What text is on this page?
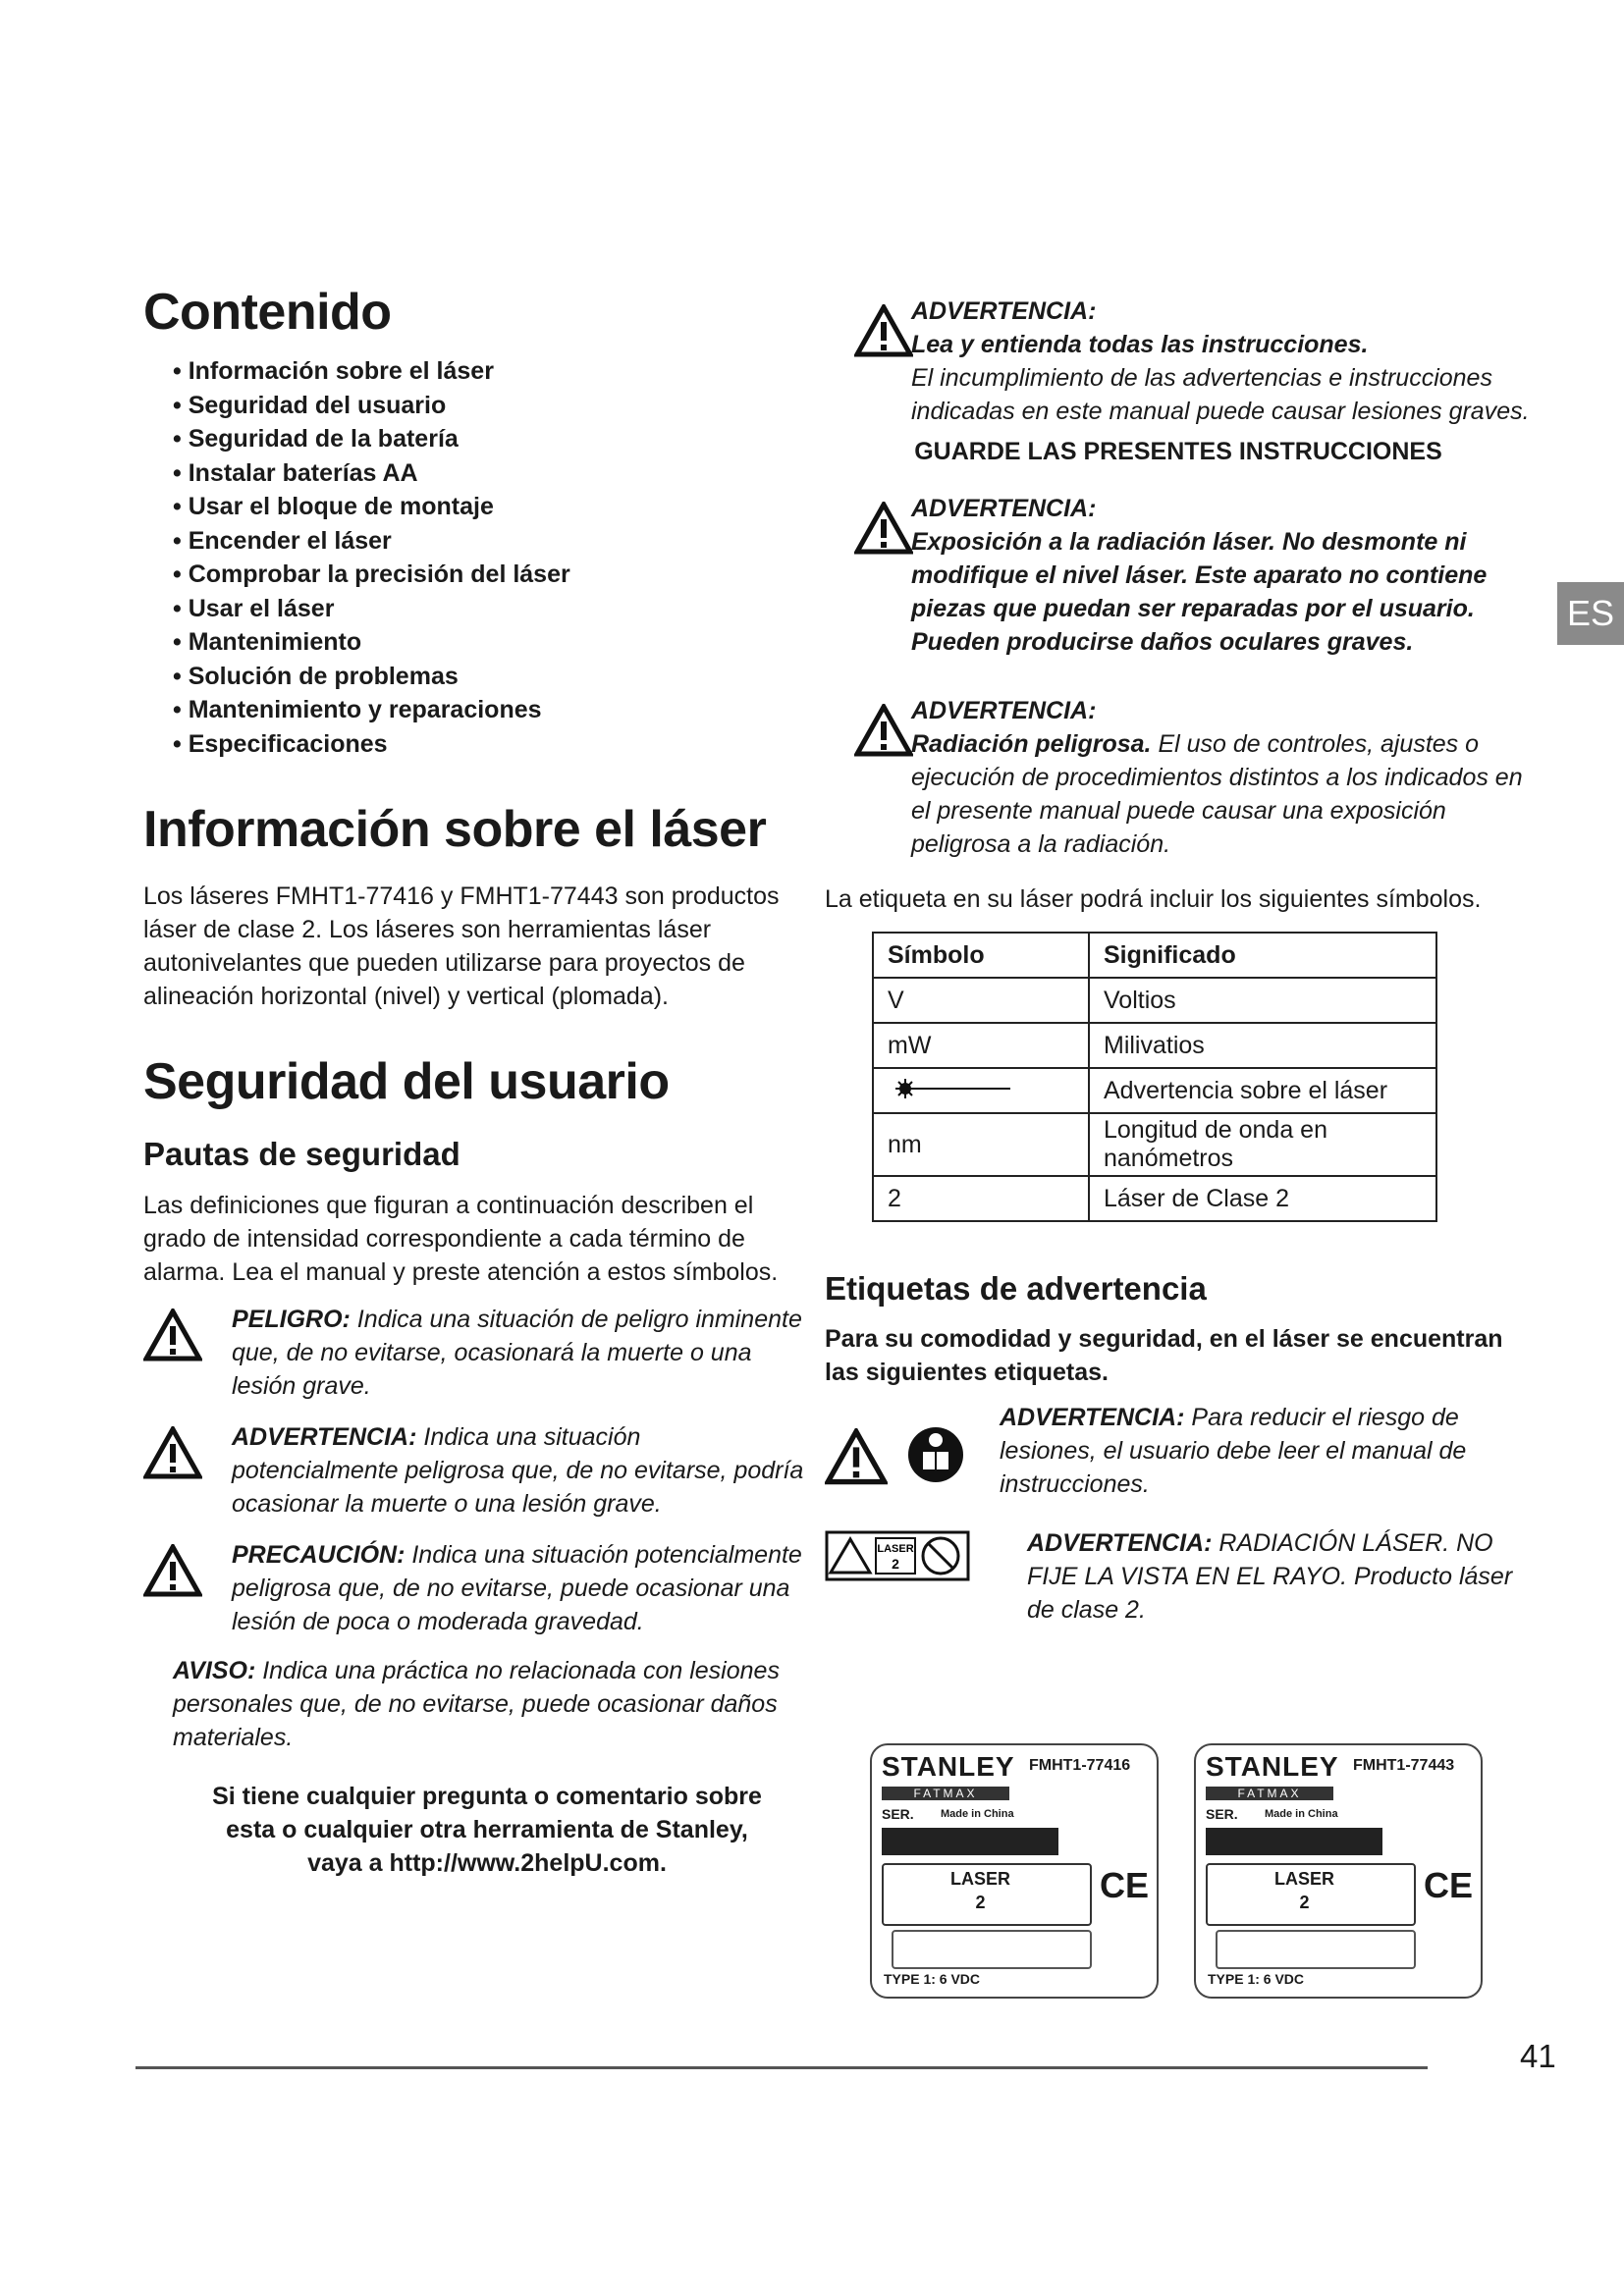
Contenido
• Información sobre el láser
• Seguridad del usuario
• Seguridad de la batería
• Instalar baterías AA
• Usar el bloque de montaje
• Encender el láser
• Comprobar la precisión del láser
• Usar el láser
• Mantenimiento
• Solución de problemas
• Mantenimiento y reparaciones
• Especificaciones
Información sobre el láser

Los láseres FMHT1-77416 y FMHT1-77443 son productos láser de clase 2. Los láseres son herramientas láser autonivelantes que pueden utilizarse para proyectos de alineación horizontal (nivel) y vertical (plomada).

Seguridad del usuario
Pautas de seguridad

Las definiciones que figuran a continuación describen el grado de intensidad correspondiente a cada término de alarma. Lea el manual y preste atención a estos símbolos.

PELIGRO: Indica una situación de peligro inminente que, de no evitarse, ocasionará la muerte o una lesión grave.

ADVERTENCIA: Indica una situación potencialmente peligrosa que, de no evitarse, podría ocasionar la muerte o una lesión grave.

PRECAUCIÓN: Indica una situación potencialmente peligrosa que, de no evitarse, puede ocasionar una lesión de poca o moderada gravedad.

AVISO: Indica una práctica no relacionada con lesiones personales que, de no evitarse, puede ocasionar daños materiales.

Si tiene cualquier pregunta o comentario sobre esta o cualquier otra herramienta de Stanley, vaya a http://www.2helpU.com.

ADVERTENCIA:
Lea y entienda todas las instrucciones.
El incumplimiento de las advertencias e instrucciones indicadas en este manual puede causar lesiones graves.
GUARDE LAS PRESENTES INSTRUCCIONES
ADVERTENCIA:
Exposición a la radiación láser. No desmonte ni modifique el nivel láser. Este aparato no contiene piezas que puedan ser reparadas por el usuario. Pueden producirse daños oculares graves.
ADVERTENCIA:
Radiación peligrosa. El uso de controles, ajustes o ejecución de procedimientos distintos a los indicados en el presente manual puede causar una exposición peligrosa a la radiación.

La etiqueta en su láser podrá incluir los siguientes símbolos.

Símbolo	Significado
V	Voltios
mW	Milivatios
	Advertencia sobre el láser
nm	Longitud de onda en nanómetros
2	Láser de Clase 2
Etiquetas de advertencia

Para su comodidad y seguridad, en el láser se encuentran las siguientes etiquetas.

ADVERTENCIA: Para reducir el riesgo de lesiones, el usuario debe leer el manual de instrucciones.

LASER
2

ADVERTENCIA: RADIACIÓN LÁSER. NO FIJE LA VISTA EN EL RAYO. Producto láser de clase 2.

STANLEY FMHT1-77416
FATMAX
SER. Made in China
LASER
2	CE
TYPE 1: 6 VDC
STANLEY FMHT1-77443
FATMAX
SER. Made in China
LASER
2	CE
TYPE 1: 6 VDC
ES
41
